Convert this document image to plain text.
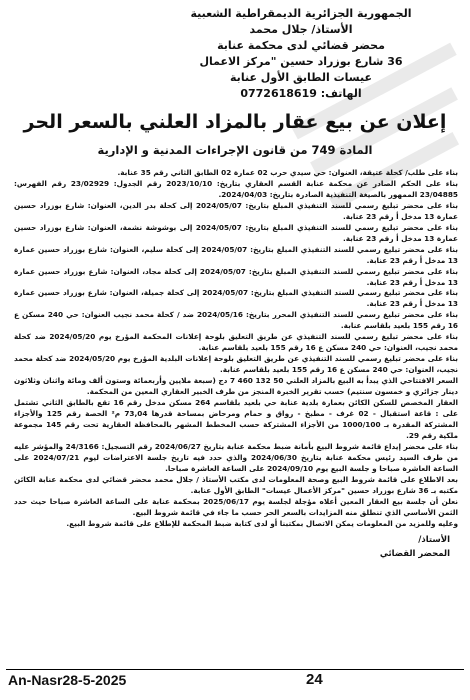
الجمهورية الجزائرية الديمقراطية الشعبية
الأستاذ/ جلال محمد
محضر قضائي لدى محكمة عنابة
36 شارع بوزراد حسين "مركز الاعمال
عيسات الطابق الأول عنابة
الهاتف: 0772618619
إعلان عن بيع عقار بالمزاد العلني بالسعر الحر
المادة 749 من قانون الإجراءات المدنية و الإدارية

بناء على طلب/ كحلة عتيقة، العنوان: حي سيدي حرب 02 عمارة 02 الطابق الثاني رقم 35 عنابة.

بناء على الحكم الصادر عن محكمة عنابة القسم العقاري بتاريخ: 2023/10/10 رقم الجدول: 23/02929 رقم الفهرس: 23/04885 الممهور بالصيغة التنفيذية الصادرة بتاريخ: 2024/04/03.

بناء على محضر تبليغ رسمي للسند التنفيذي المبلغ بتاريخ: 2024/05/07 إلى كحلة بدر الدين، العنوان: شارع بوزراد حسين عمارة 13 مدخل أ رقم 23 عنابة.

بناء على محضر تبليغ رسمي للسند التنفيذي المبلغ بتاريخ: 2024/05/07 إلى بوشوشة نشمة، العنوان: شارع بوزراد حسين عمارة 13 مدخل أ رقم 23 عنابة.

بناء على محضر تبليغ رسمي للسند التنفيذي المبلغ بتاريخ: 2024/05/07 إلى كحلة سليم، العنوان: شارع بوزراد حسين عمارة 13 مدخل أ رقم 23 عنابة.

بناء على محضر تبليغ رسمي للسند التنفيذي المبلغ بتاريخ: 2024/05/07 إلى كحلة مجاد، العنوان: شارع بوزراد حسين عمارة 13 مدخل أ رقم 23 عنابة.

بناء على محضر تبليغ رسمي للسند التنفيذي المبلغ بتاريخ: 2024/05/07 إلى كحلة جميلة، العنوان: شارع بوزراد حسين عمارة 13 مدخل أ رقم 23 عنابة.

بناء على محضر تبليغ رسمي للسند التنفيذي المحرر بتاريخ: 2024/05/16 ضد / كحلة محمد نجيب العنوان: حي 240 مسكن ع 16 رقم 155 بلعيد بلقاسم عنابة.

بناء على محضر تبليغ رسمي للسند التنفيذي عن طريق التعليق بلوحة إعلانات المحكمة المؤرخ يوم 2024/05/20 ضد كحلة محمد نجيب، العنوان: حي 240 مسكن ع 16 رقم 155 بلعيد بلقاسم عنابة.

بناء على محضر تبليغ رسمي للسند التنفيذي عن طريق التعليق بلوحة إعلانات البلدية المؤرخ يوم 2024/05/20 ضد كحلة محمد نجيب، العنوان: حي 240 مسكن ع 16 رقم 155 بلعيد بلقاسم عنابة.

السعر الافتتاحي الذي يبدأ به البيع بالمزاد العلني 50 132 460 7 دج (سبعة ملايين وأربعمائة وستون ألف ومائة واثنان وثلاثون دينار جزائري و خمسون سنتيم) حسب تقرير الخبرة المنجز من طرف الخبير العقاري المعين من المحكمة.

العقار المخصص للسكن الكائن بعمارة بلدية عنابة حي بلعيد بلقاسم 264 مسكن مدخل رقم 16 تقع بالطابق الثاني تشتمل على : قاعة استقبال - 02 غرف - مطبخ - رواق و حمام ومرحاض بمساحة قدرها 73,04 م² الحصة رقم 125 والأجزاء المشتركة المقدرة بـ 1000/100 من الأجزاء المشتركة حسب المخطط المشهر بالمحافظة العقارية تحت رقم 145 مجموعة ملكية رقم 29.

بناء على محضر إيداع قائمة شروط البيع بأمانة ضبط محكمة عنابة بتاريخ 2024/06/27 رقم التسجيل: 24/3166 والمؤشر عليه من طرف السيد رئيس محكمة عنابة بتاريخ 2024/06/30 والذي حدد فيه تاريخ جلسة الاعتراضات ليوم 2024/07/21 على الساعة العاشرة صباحا و جلسة البيع يوم 2024/09/10 على الساعة العاشرة صباحا.

بعد الاطلاع على قائمة شروط البيع وصحة المعلومات لدى مكتب الأستاذ / جلال محمد محضر قضائي لدى محكمة عنابة الكائن مكتبه بـ 36 شارع بوزراد حسين "مركز الأعمال عيسات" الطابق الأول عنابة.

نعلن أن جلسة بيع العقار المعين أعلاه مؤجلة لجلسة يوم 2025/06/17 بمحكمة عنابة على الساعة العاشرة صباحا حيث حدد الثمن الأساسي الذي تنطلق منه المزايدات بالسعر الحر حسب ما جاء في قائمة شروط البيع.

وعليه وللمزيد من المعلومات يمكن الاتصال بمكتبنا أو لدى كتابة ضبط المحكمة للإطلاع على قائمة شروط البيع.

الأستاذ/
المحضر القضائي
An-Nasr28-5-2025	24
